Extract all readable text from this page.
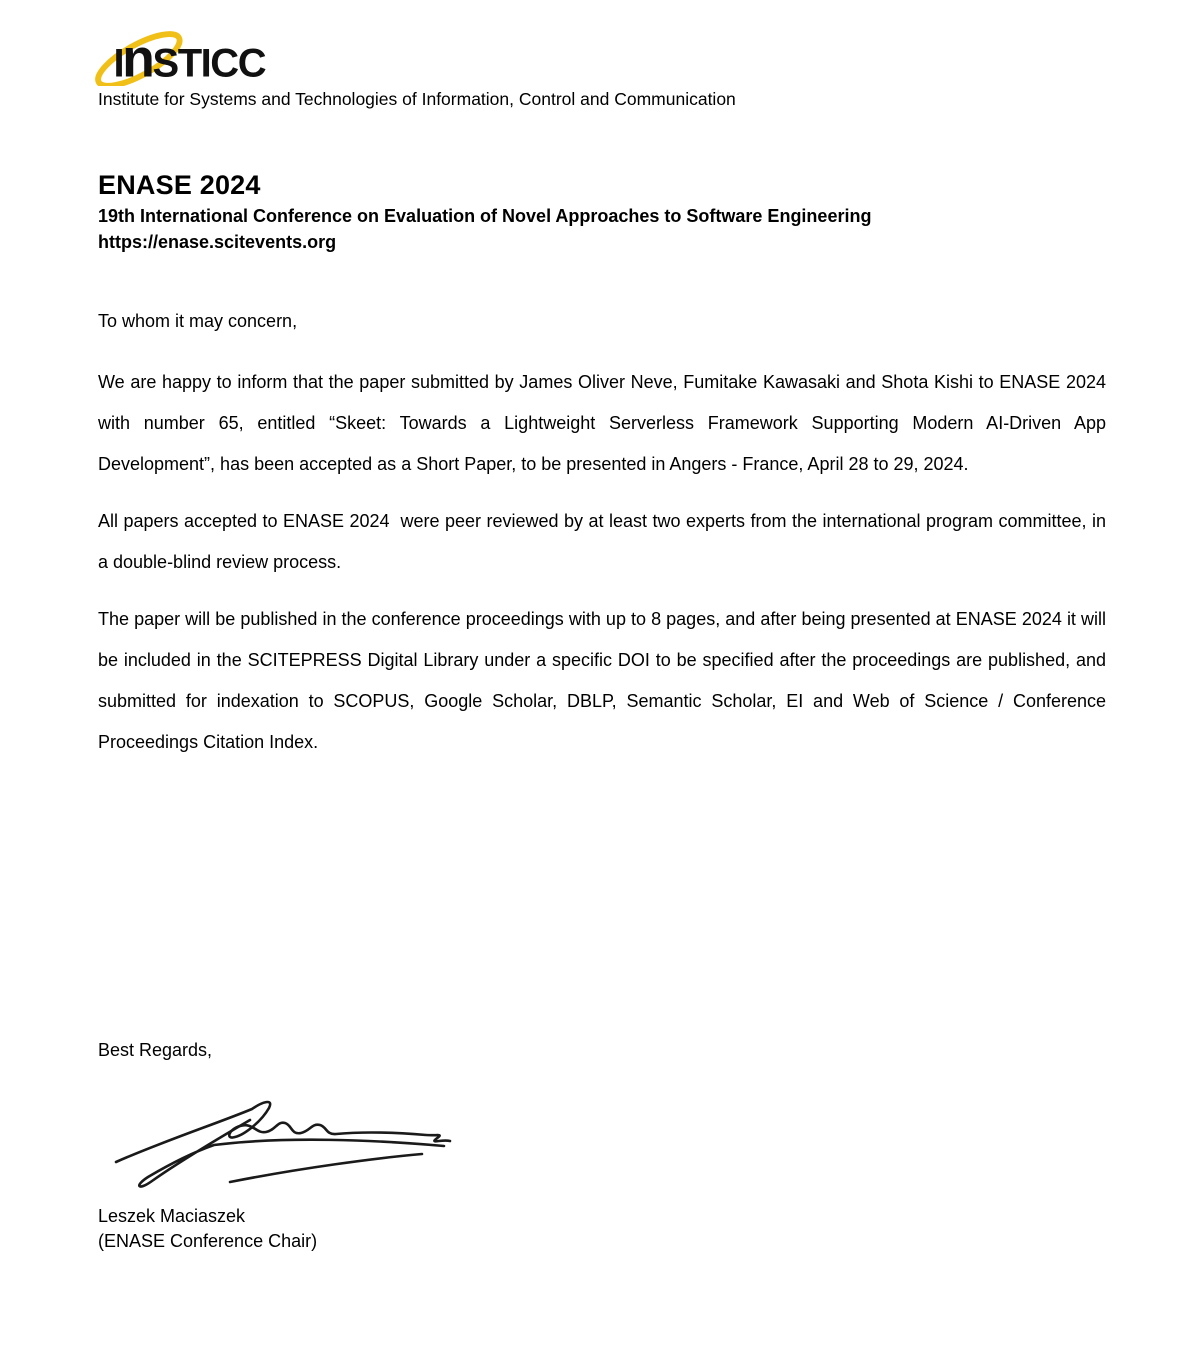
InSTICC
Institute for Systems and Technologies of Information, Control and Communication
ENASE 2024
19th International Conference on Evaluation of Novel Approaches to Software Engineering
https://enase.scitevents.org

To whom it may concern,

We are happy to inform that the paper submitted by James Oliver Neve, Fumitake Kawasaki and Shota Kishi to ENASE 2024 with number 65, entitled “Skeet: Towards a Lightweight Serverless Framework Supporting Modern AI-Driven App Development”, has been accepted as a Short Paper, to be presented in Angers - France, April 28 to 29, 2024.

All papers accepted to ENASE 2024  were peer reviewed by at least two experts from the international program committee, in a double-blind review process.

The paper will be published in the conference proceedings with up to 8 pages, and after being presented at ENASE 2024 it will be included in the SCITEPRESS Digital Library under a specific DOI to be specified after the proceedings are published, and submitted for indexation to SCOPUS, Google Scholar, DBLP, Semantic Scholar, EI and Web of Science / Conference Proceedings Citation Index.

Best Regards,
Leszek Maciaszek
(ENASE Conference Chair)
